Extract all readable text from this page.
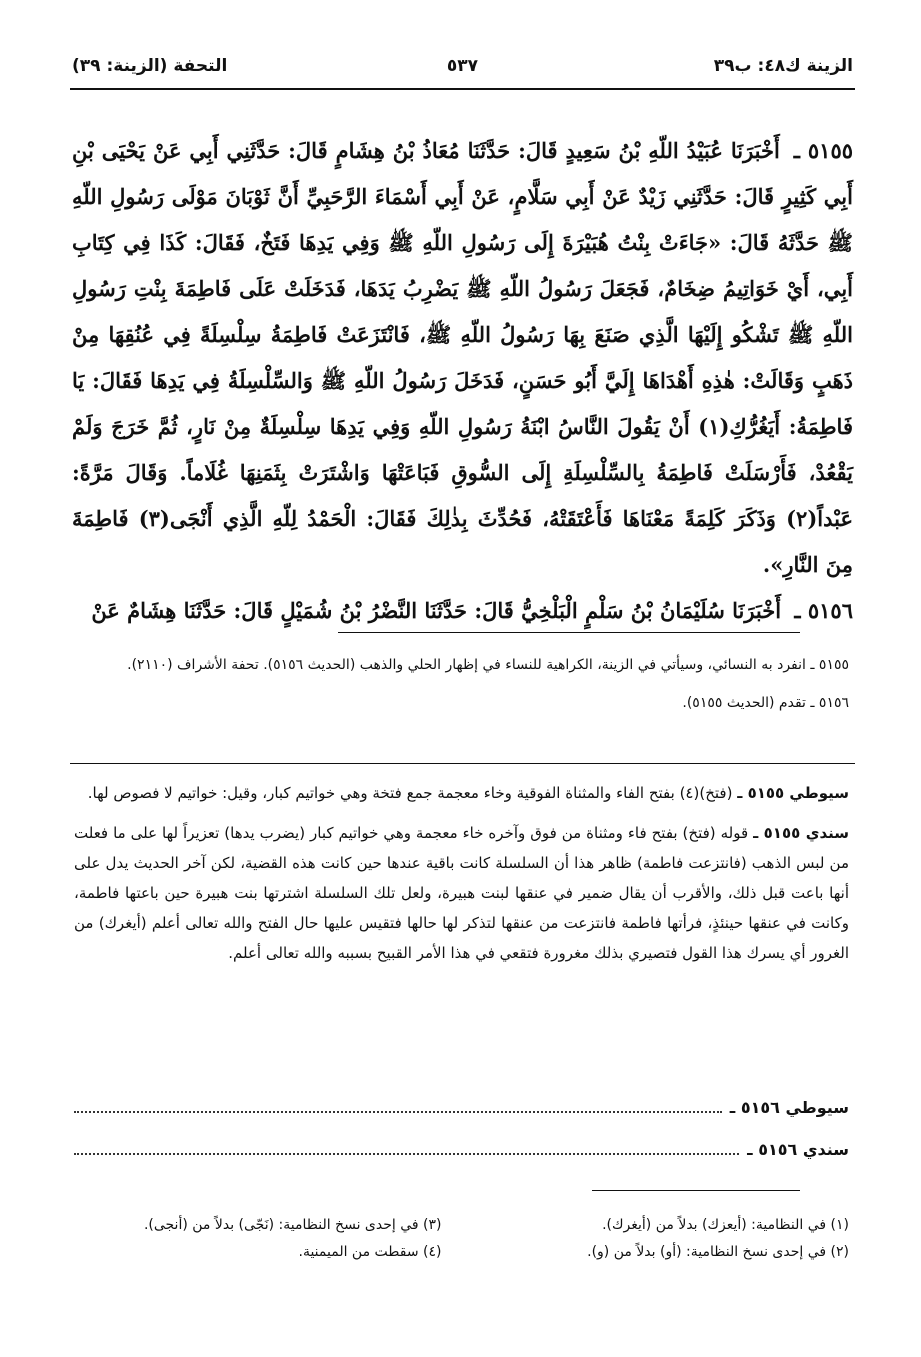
الزينة ك٤٨: ب٣٩
٥٣٧
التحفة (الزينة: ٣٩)

٥١٥٥ ـ أَخْبَرَنَا عُبَيْدُ اللّهِ بْنُ سَعِيدٍ قَالَ: حَدَّثَنَا مُعَاذُ بْنُ هِشَامٍ قَالَ: حَدَّثَنِي أَبِي عَنْ يَحْيَى بْنِ أَبِي كَثِيرٍ قَالَ: حَدَّثَنِي زَيْدٌ عَنْ أَبِي سَلَّامٍ، عَنْ أَبِي أَسْمَاءَ الرَّحَبِيِّ أَنَّ ثَوْبَانَ مَوْلَى رَسُولِ اللّهِ ﷺ حَدَّثَهُ قَالَ: «جَاءَتْ بِنْتُ هُبَيْرَةَ إِلَى رَسُولِ اللّهِ ﷺ وَفِي يَدِهَا فَتَخٌ، فَقَالَ: كَذَا فِي كِتَابِ أَبِي، أَيْ خَوَاتِيمُ ضِخَامٌ، فَجَعَلَ رَسُولُ اللّهِ ﷺ يَضْرِبُ يَدَهَا، فَدَخَلَتْ عَلَى فَاطِمَةَ بِنْتِ رَسُولِ اللّهِ ﷺ تَشْكُو إِلَيْهَا الَّذِي صَنَعَ بِهَا رَسُولُ اللّهِ ﷺ، فَانْتَزَعَتْ فَاطِمَةُ سِلْسِلَةً فِي عُنُقِهَا مِنْ ذَهَبٍ وَقَالَتْ: هٰذِهِ أَهْدَاهَا إِلَيَّ أَبُو حَسَنٍ، فَدَخَلَ رَسُولُ اللّهِ ﷺ وَالسِّلْسِلَةُ فِي يَدِهَا فَقَالَ: يَا فَاطِمَةُ: أَيَغُرُّكِ(١) أَنْ يَقُولَ النَّاسُ ابْنَةُ رَسُولِ اللّهِ وَفِي يَدِهَا سِلْسِلَةٌ مِنْ نَارٍ، ثُمَّ خَرَجَ وَلَمْ يَقْعُدْ، فَأَرْسَلَتْ فَاطِمَةُ بِالسِّلْسِلَةِ إِلَى السُّوقِ فَبَاعَتْهَا وَاشْتَرَتْ بِثَمَنِهَا غُلَاماً. وَقَالَ مَرَّةً: عَبْداً(٢) وَذَكَرَ كَلِمَةً مَعْنَاهَا فَأَعْتَقَتْهُ، فَحُدِّثَ بِذٰلِكَ فَقَالَ: الْحَمْدُ لِلّهِ الَّذِي أَنْجَى(٣) فَاطِمَةَ مِنَ النَّارِ».

٥١٥٦ ـ أَخْبَرَنَا سُلَيْمَانُ بْنُ سَلْمٍ الْبَلْخِيُّ قَالَ: حَدَّثَنَا النَّضْرُ بْنُ شُمَيْلٍ قَالَ: حَدَّثَنَا هِشَامٌ عَنْ

٥١٥٥ ـ انفرد به النسائي، وسيأتي في الزينة، الكراهية للنساء في إظهار الحلي والذهب (الحديث ٥١٥٦). تحفة الأشراف (٢١١٠).

٥١٥٦ ـ تقدم (الحديث ٥١٥٥).

سيوطي ٥١٥٥ ـ (فتخ)(٤) بفتح الفاء والمثناة الفوقية وخاء معجمة جمع فتخة وهي خواتيم كبار، وقيل: خواتيم لا فصوص لها.

سندي ٥١٥٥ ـ قوله (فتخ) بفتح فاء ومثناة من فوق وآخره خاء معجمة وهي خواتيم كبار (يضرب يدها) تعزيراً لها على ما فعلت من لبس الذهب (فانتزعت فاطمة) ظاهر هذا أن السلسلة كانت باقية عندها حين كانت هذه القضية، لكن آخر الحديث يدل على أنها باعت قبل ذلك، والأقرب أن يقال ضمير في عنقها لبنت هبيرة، ولعل تلك السلسلة اشترتها بنت هبيرة حين باعتها فاطمة، وكانت في عنقها حينئذٍ، فرأتها فاطمة فانتزعت من عنقها لتذكر لها حالها فتقيس عليها حال الفتح والله تعالى أعلم (أيغرك) من الغرور أي يسرك هذا القول فتصيري بذلك مغرورة فتقعي في هذا الأمر القبيح بسببه والله تعالى أعلم.

سيوطي ٥١٥٦ ـ
سندي ٥١٥٦ ـ

(١) في النظامية: (أيعزك) بدلاً من (أيغرك).

(٢) في إحدى نسخ النظامية: (أو) بدلاً من (و).

(٣) في إحدى نسخ النظامية: (نَجّى) بدلاً من (أنجى).

(٤) سقطت من الميمنية.
